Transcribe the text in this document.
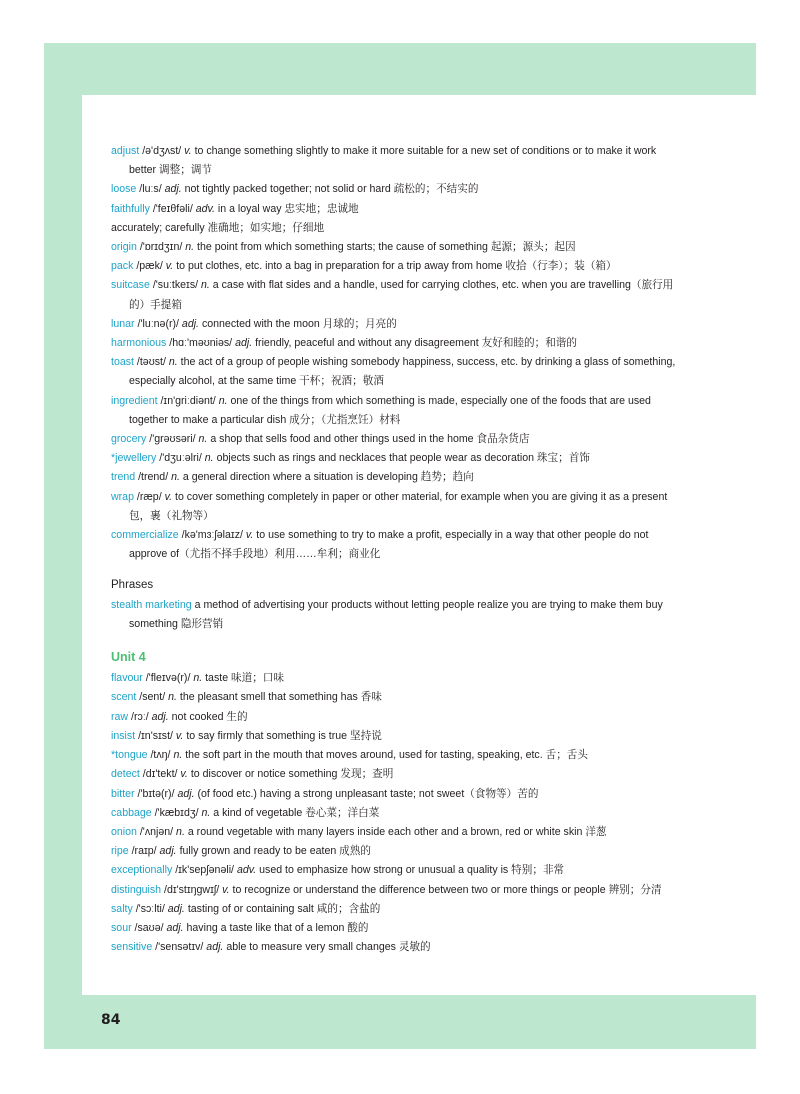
adjust /ə'dʒʌst/ v. to change something slightly to make it more suitable for a new set of conditions or to make it work better 调整；调节
loose /luːs/ adj. not tightly packed together; not solid or hard 疏松的；不结实的
faithfully /'feɪθfəli/ adv. in a loyal way 忠实地；忠诚地
accurately; carefully 准确地；如实地；仔细地
origin /'ɒrɪdʒɪn/ n. the point from which something starts; the cause of something 起源；源头；起因
pack /pæk/ v. to put clothes, etc. into a bag in preparation for a trip away from home 收拾（行李）；装（箱）
suitcase /'suːtkeɪs/ n. a case with flat sides and a handle, used for carrying clothes, etc. when you are travelling（旅行用的）手提箱
lunar /'luːnə(r)/ adj. connected with the moon 月球的；月亮的
harmonious /hɑː'məʊniəs/ adj. friendly, peaceful and without any disagreement 友好和睦的；和谐的
toast /təʊst/ n. the act of a group of people wishing somebody happiness, success, etc. by drinking a glass of something, especially alcohol, at the same time 干杯；祝酒；敬酒
ingredient /ɪn'griːdiənt/ n. one of the things from which something is made, especially one of the foods that are used together to make a particular dish 成分；（尤指烹饪）材料
grocery /'grəʊsəri/ n. a shop that sells food and other things used in the home 食品杂货店
*jewellery /'dʒuːəlri/ n. objects such as rings and necklaces that people wear as decoration 珠宝；首饰
trend /trend/ n. a general direction where a situation is developing 趋势；趋向
wrap /ræp/ v. to cover something completely in paper or other material, for example when you are giving it as a present 包，裹（礼物等）
commercialize /kə'mɜːʃəlaɪz/ v. to use something to try to make a profit, especially in a way that other people do not approve of（尤指不择手段地）利用……牟利；商业化
Phrases
stealth marketing a method of advertising your products without letting people realize you are trying to make them buy something 隐形营销
Unit 4
flavour /'fleɪvə(r)/ n. taste 味道；口味
scent /sent/ n. the pleasant smell that something has 香味
raw /rɔː/ adj. not cooked 生的
insist /ɪn'sɪst/ v. to say firmly that something is true 坚持说
*tongue /tʌŋ/ n. the soft part in the mouth that moves around, used for tasting, speaking, etc. 舌；舌头
detect /dɪ'tekt/ v. to discover or notice something 发现；查明
bitter /'bɪtə(r)/ adj. (of food etc.) having a strong unpleasant taste; not sweet（食物等）苦的
cabbage /'kæbɪdʒ/ n. a kind of vegetable 卷心菜；洋白菜
onion /'ʌnjən/ n. a round vegetable with many layers inside each other and a brown, red or white skin 洋葱
ripe /raɪp/ adj. fully grown and ready to be eaten 成熟的
exceptionally /ɪk'sepʃənəli/ adv. used to emphasize how strong or unusual a quality is 特别；非常
distinguish /dɪ'stɪŋgwɪʃ/ v. to recognize or understand the difference between two or more things or people 辨别；分清
salty /'sɔːlti/ adj. tasting of or containing salt 咸的；含盐的
sour /saʊə/ adj. having a taste like that of a lemon 酸的
sensitive /'sensətɪv/ adj. able to measure very small changes 灵敏的
84
